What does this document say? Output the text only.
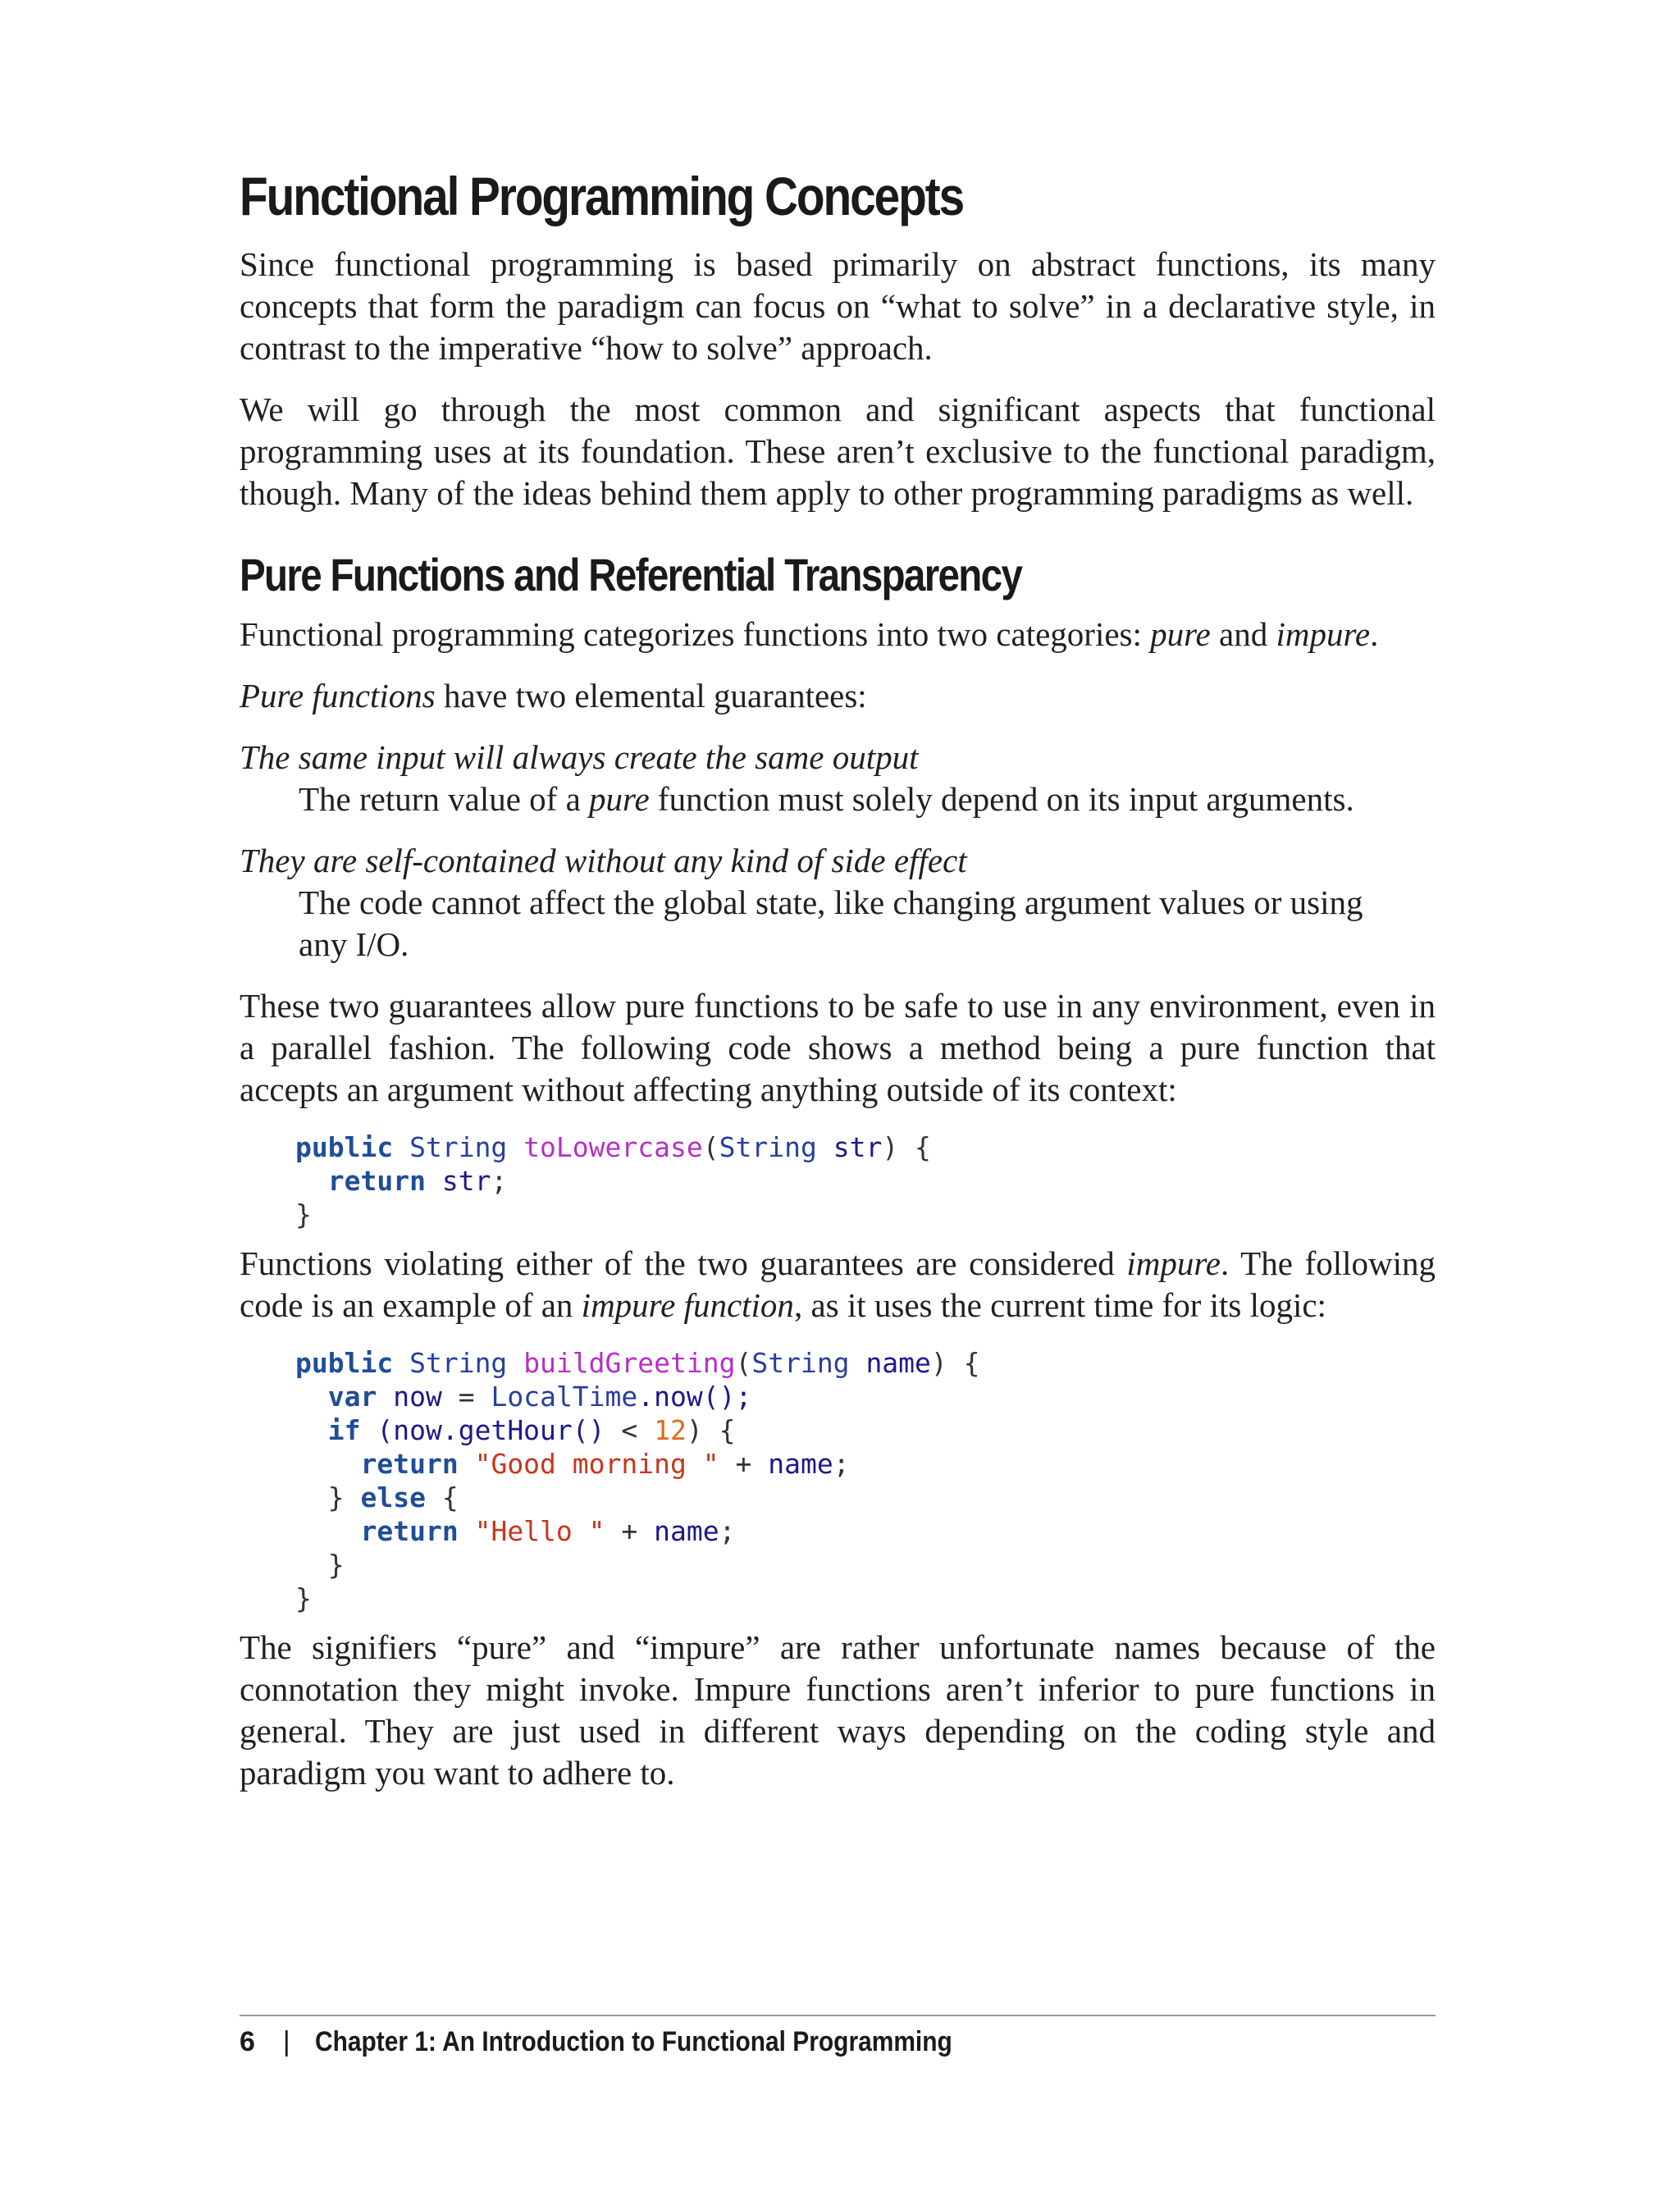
Functional Programming Concepts

Since functional programming is based primarily on abstract functions, its many concepts that form the paradigm can focus on “what to solve” in a declarative style, in contrast to the imperative “how to solve” approach.

We will go through the most common and significant aspects that functional programming uses at its foundation. These aren’t exclusive to the functional paradigm, though. Many of the ideas behind them apply to other programming paradigms as well.

Pure Functions and Referential Transparency

Functional programming categorizes functions into two categories: pure and impure.

Pure functions have two elemental guarantees:

The same input will always create the same output
The return value of a pure function must solely depend on its input arguments.
They are self-contained without any kind of side effect
The code cannot affect the global state, like changing argument values or using any I/O.

These two guarantees allow pure functions to be safe to use in any environment, even in a parallel fashion. The following code shows a method being a pure function that accepts an argument without affecting anything outside of its context:

public String toLowercase(String str) {
return str;
}

Functions violating either of the two guarantees are considered impure. The following code is an example of an impure function, as it uses the current time for its logic:

public String buildGreeting(String name) {
var now = LocalTime.now();
if (now.getHour() < 12) {
return "Good morning " + name;
} else {
return "Hello " + name;
}
}

The signifiers “pure” and “impure” are rather unfortunate names because of the connotation they might invoke. Impure functions aren’t inferior to pure functions in general. They are just used in different ways depending on the coding style and paradigm you want to adhere to.

6 | Chapter 1: An Introduction to Functional Programming
